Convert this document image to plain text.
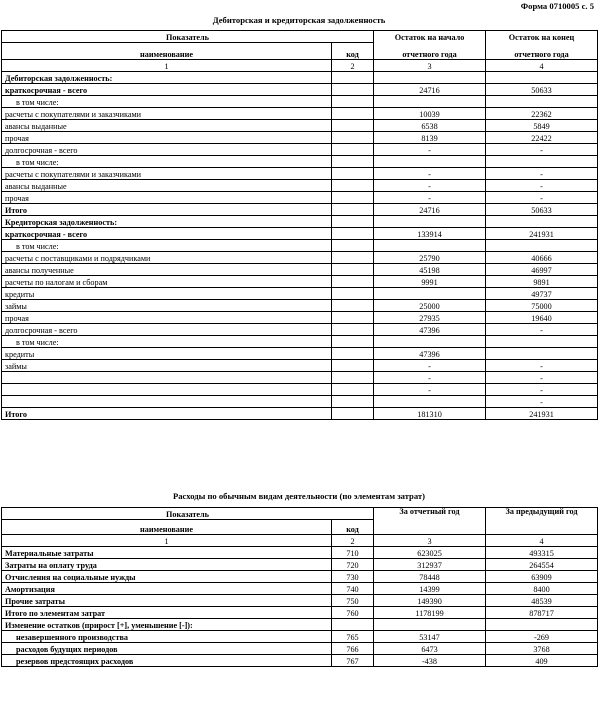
Форма 0710005 с. 5
Дебиторская и кредиторская задолженность
Показатель		Остаток на начало	Остаток на конец
наименование	код	отчетного года	отчетного года
1	2	3	4
Дебиторская задолженность:			
краткосрочная - всего		24716	50633
в том числе:			
расчеты с покупателями и заказчиками		10039	22362
авансы выданные		6538	5849
прочая		8139	22422
долгосрочная - всего		-	-
в том числе:			
расчеты с покупателями и заказчиками		-	-
авансы выданные		-	-
прочая		-	-
Итого		24716	50633
Кредиторская задолженность:			
краткосрочная - всего		133914	241931
в том числе:			
расчеты с поставщиками и подрядчиками		25790	40666
авансы полученные		45198	46997
расчеты по налогам и сборам		9991	9891
кредиты			49737
займы		25000	75000
прочая		27935	19640
долгосрочная - всего		47396	-
в том числе:			
кредиты		47396	
займы		-	-
		-	-
		-	-
			-
Итого		181310	241931
Расходы по обычным видам деятельности (по элементам затрат)
Показатель		За отчетный год	За предыдущий год
наименование	код		
1	2	3	4
Материальные затраты	710	623025	493315
Затраты на оплату труда	720	312937	264554
Отчисления на социальные нужды	730	78448	63909
Амортизация	740	14399	8400
Прочие затраты	750	149390	48539
Итого по элементам затрат	760	1178199	878717
Изменение остатков (прирост [+], уменьшение [-]):			
незавершенного производства	765	53147	-269
расходов будущих периодов	766	6473	3768
резервов предстоящих расходов	767	-438	409
